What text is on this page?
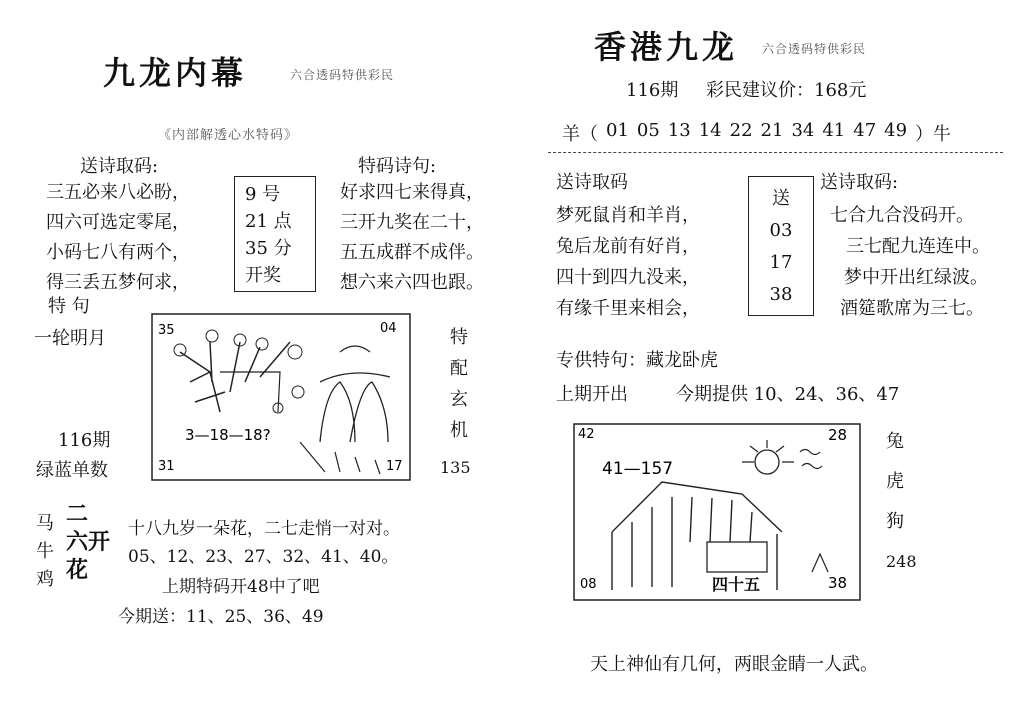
九龙内幕	六合透码特供彩民
《内部解透心水特码》
送诗取码:	特码诗句:
三五必来八必盼，
四六可选定零尾，
小码七八有两个，
得三丢五梦何求，
9 号
21 点
35 分
开奖
好求四七来得真，
三开九奖在二十，
五五成群不成伴。
想六来六四也跟。
特 句
一轮明月	35	04
31	17
3—18—18?
特
配
玄
机
116期
绿蓝单数	135
马
牛
鸡
二
六开
花
十八九岁一朵花，二七走悄一对对。
05、12、23、27、32、41、40。
上期特码开48中了吧
今期送：11、25、36、49
香港九龙 六合透码特供彩民
116期 彩民建议价：168元
羊（ 01 05 13 14 22 21 34 41 47 49 ）牛
送诗取码	送诗取码:
梦死鼠肖和羊肖，
兔后龙前有好肖，
四十到四九没来，
有缘千里来相会，
送
03
17
38
七合九合没码开。
三七配九连连中。
梦中开出红绿波。
酒筵歌席为三七。
专供特句：藏龙卧虎
上期开出	今期提供 10、24、36、47
42	28
08	38
41—157
四十五
兔
虎
狗
248
天上神仙有几何，两眼金睛一人武。
